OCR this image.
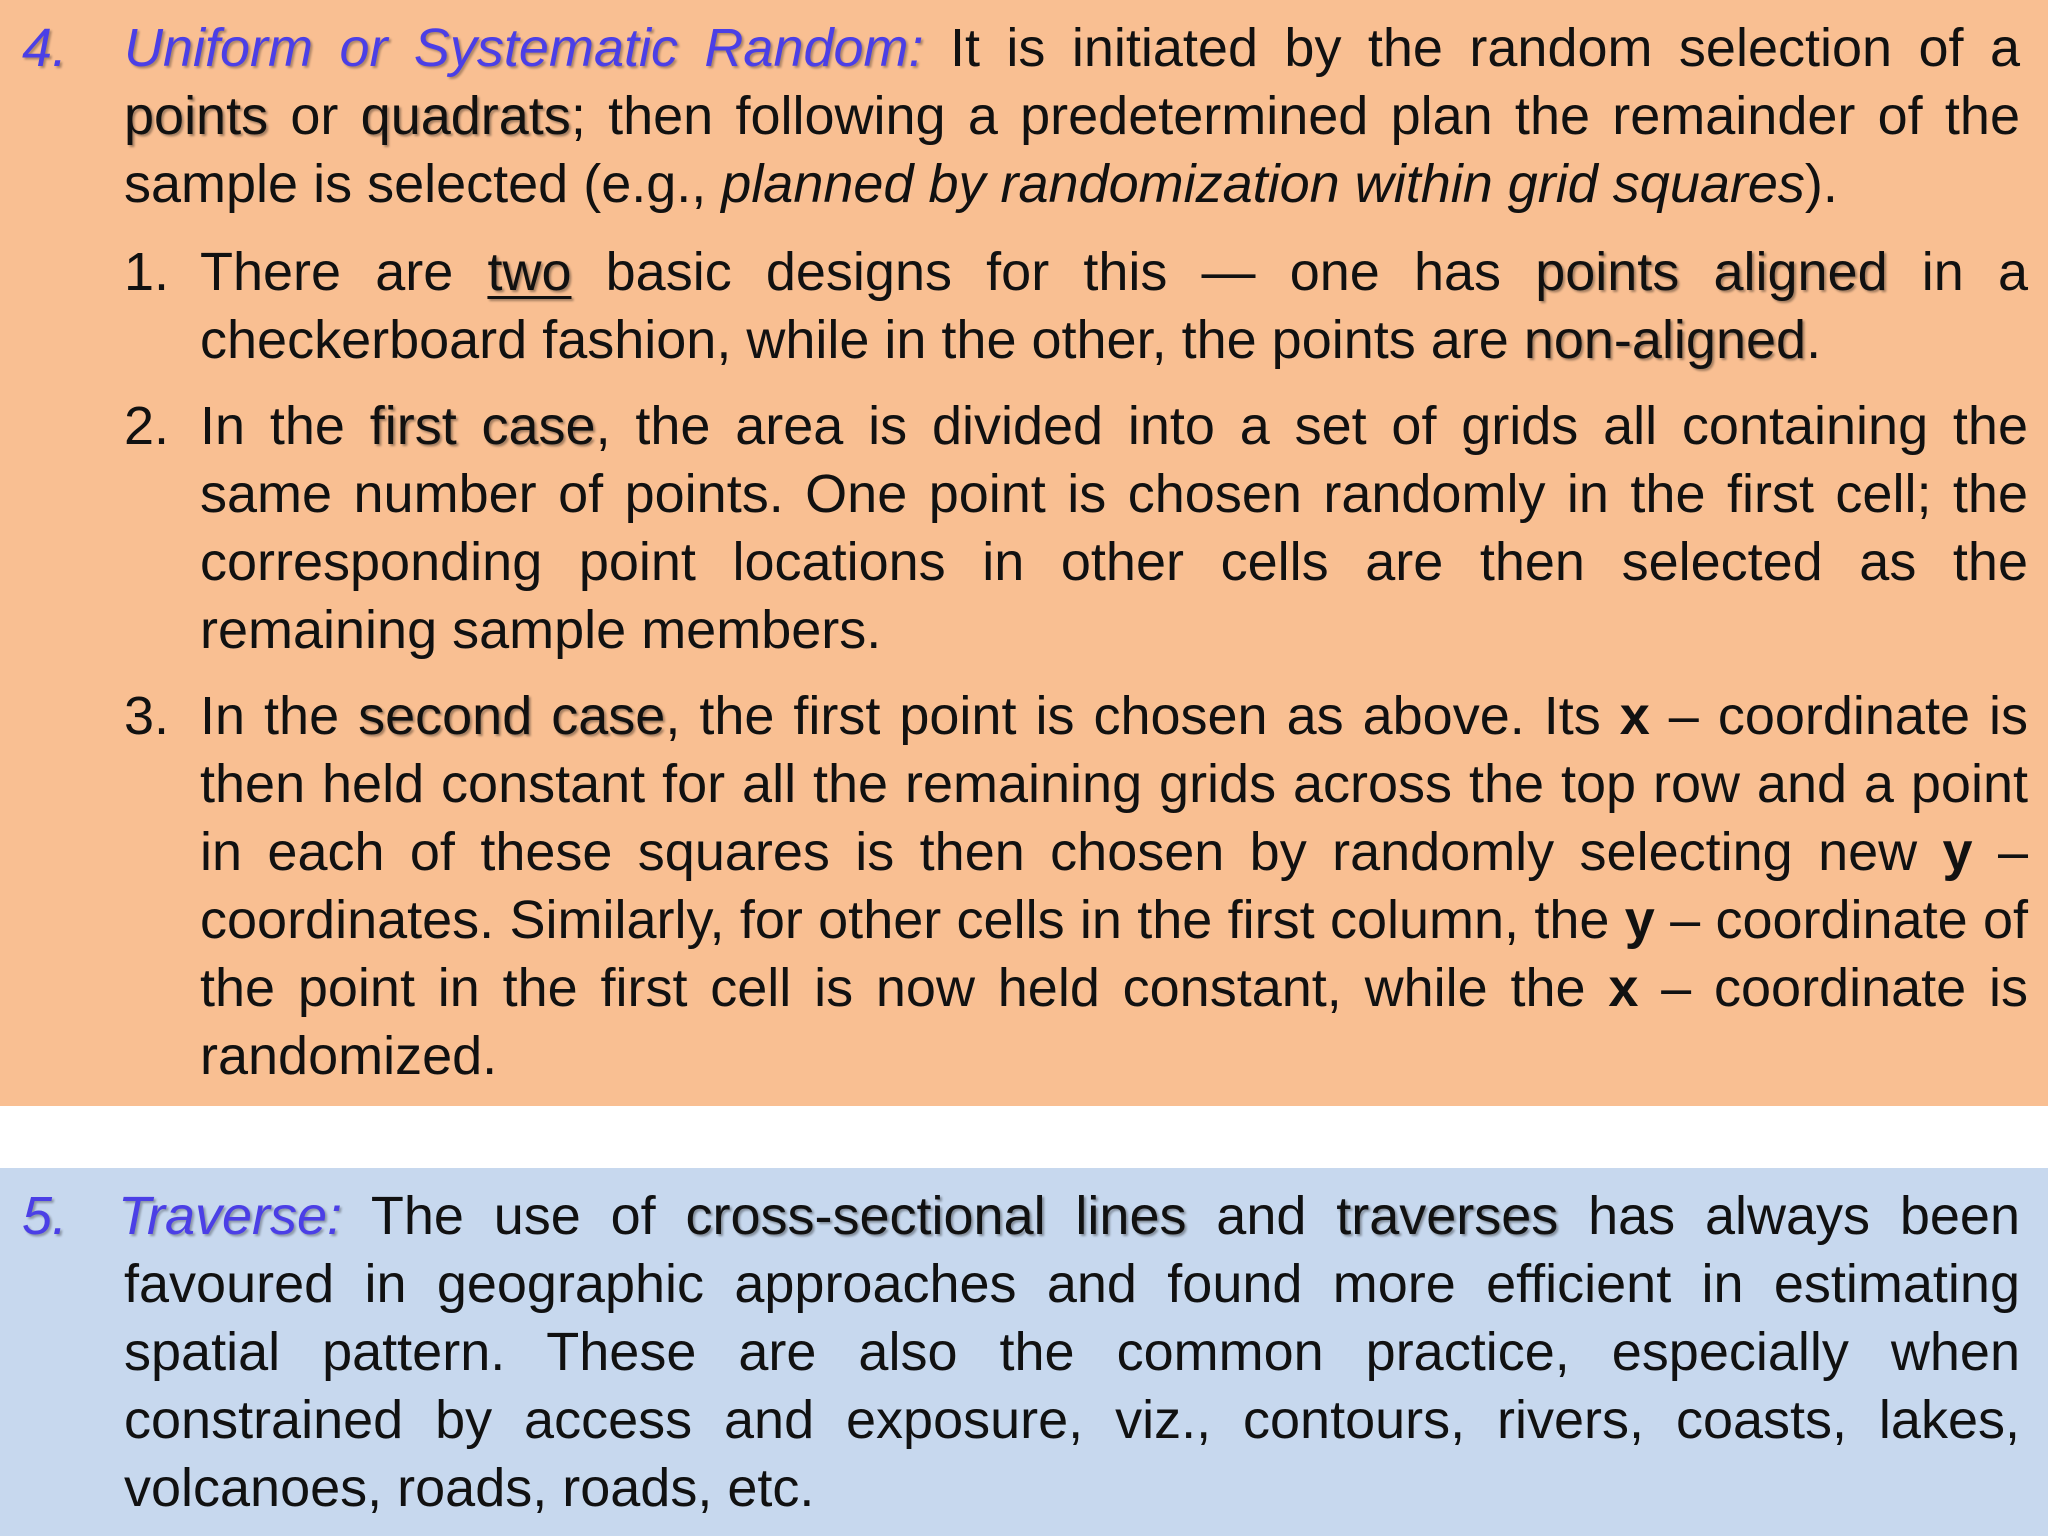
4. Uniform or Systematic Random: It is initiated by the random selection of a points or quadrats; then following a predetermined plan the remainder of the sample is selected (e.g., planned by randomization within grid squares).
1. There are two basic designs for this — one has points aligned in a checkerboard fashion, while in the other, the points are non-aligned.
2. In the first case, the area is divided into a set of grids all containing the same number of points. One point is chosen randomly in the first cell; the corresponding point locations in other cells are then selected as the remaining sample members.
3. In the second case, the first point is chosen as above. Its x – coordinate is then held constant for all the remaining grids across the top row and a point in each of these squares is then chosen by randomly selecting new y – coordinates. Similarly, for other cells in the first column, the y – coordinate of the point in the first cell is now held constant, while the x – coordinate is randomized.
5. Traverse: The use of cross-sectional lines and traverses has always been favoured in geographic approaches and found more efficient in estimating spatial pattern. These are also the common practice, especially when constrained by access and exposure, viz., contours, rivers, coasts, lakes, volcanoes, roads, roads, etc.
